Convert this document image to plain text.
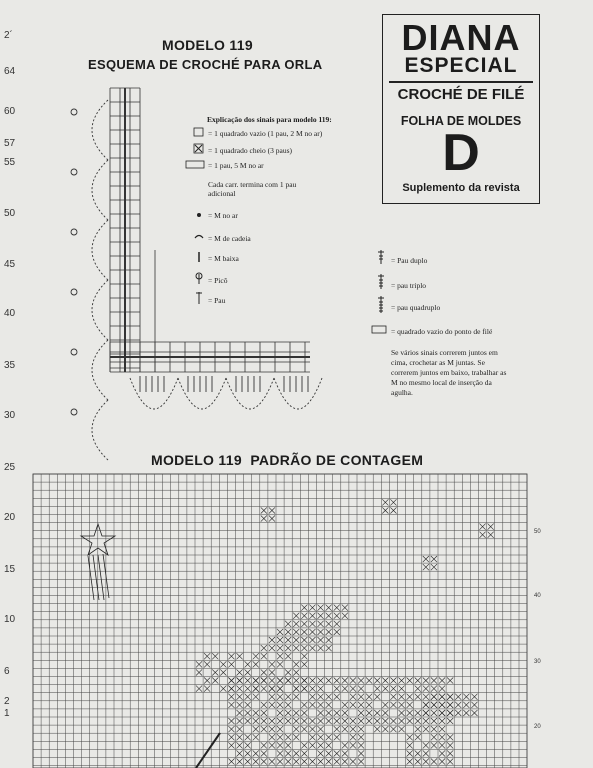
2´
64
60
57
55
50
45
40
35
30
25
20
15
10
6
2
1
MODELO 119
ESQUEMA DE CROCHÉ PARA ORLA
DIANA
ESPECIAL
CROCHÉ DE FILÉ
FOLHA DE MOLDES
D
Suplemento da revista
Explicação dos sinais para modelo 119:
= 1 quadrado vazio (1 pau, 2 M no ar)
= 1 quadrado cheio (3 paus)
= 1 pau, 5 M no ar
Cada carr. termina com 1 pau adicional
= M no ar
= M de cadeia
= M baixa
= Picô
= Pau
= Pau duplo
= pau triplo
= pau quadruplo
= quadrado vazio do ponto de filé
Se vários sinais correrem juntos em cima, crochetar as M juntas. Se correrem juntos em baixo, trabalhar as M no mesmo local de inserção da agulha.
MODELO 119 PADRÃO DE CONTAGEM
50
40
30
20
